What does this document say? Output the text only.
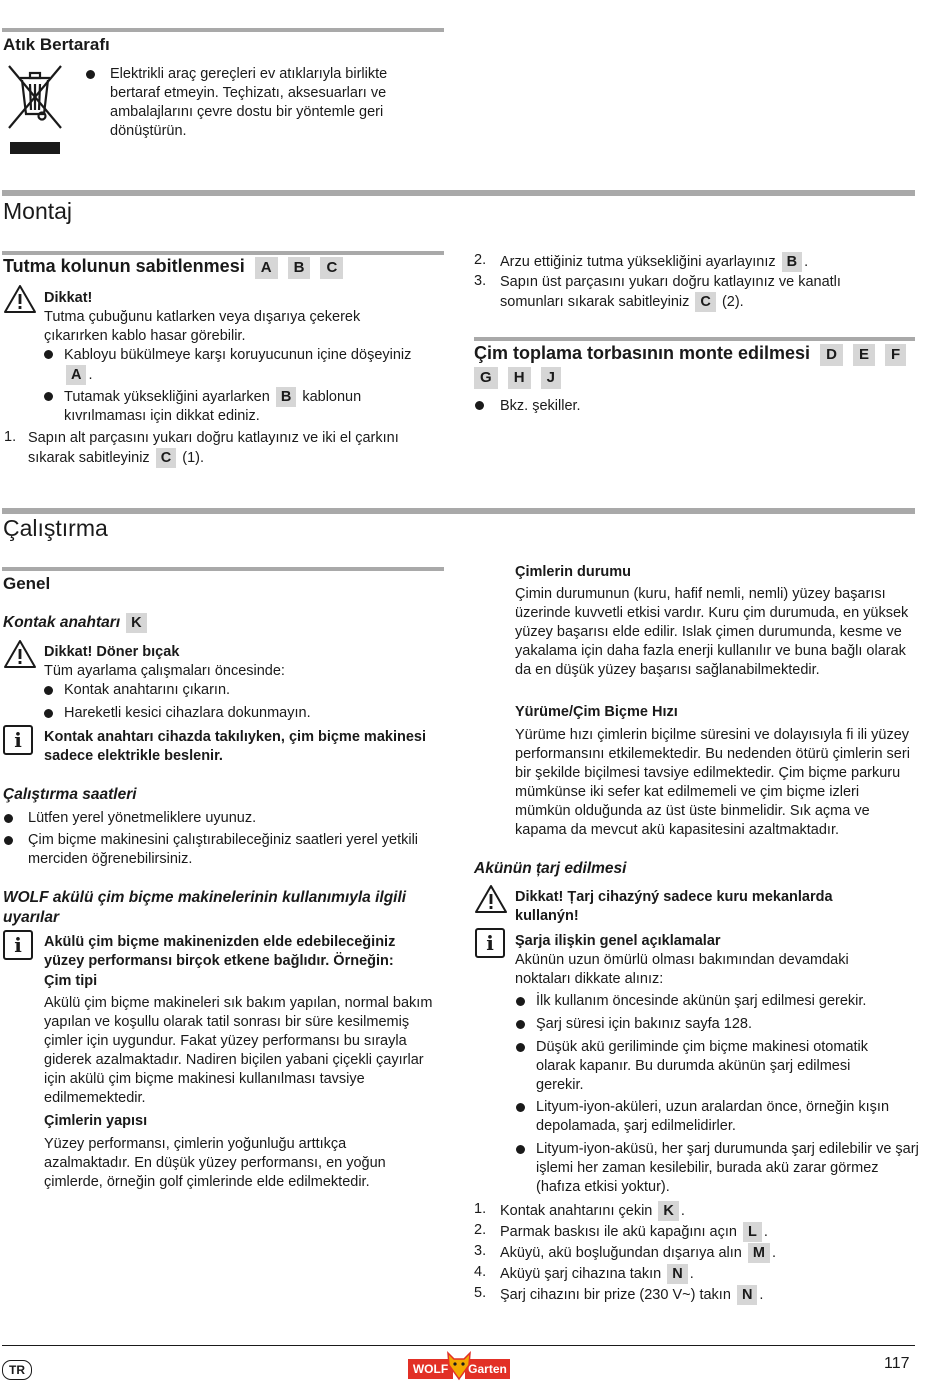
Atık Bertarafı
Elektrikli araç gereçleri ev atıklarıyla birlikte bertaraf etmeyin. Teçhizatı, aksesuarları ve ambalajlarını çevre dostu bir yöntemle geri dönüştürün.
Montaj
Tutma kolunun sabitlenmesi A B C
Dikkat!
Tutma çubuğunu katlarken veya dışarıya çekerek çıkarırken kablo hasar görebilir.
Kabloyu bükülmeye karşı koruyucunun içine döşeyiniz
A .
Tutamak yüksekliğini ayarlarken B kablonun
kıvrılmaması için dikkat ediniz.
1. Sapın alt parçasını yukarı doğru katlayınız ve iki el çarkını
sıkarak sabitleyiniz C (1).
2. Arzu ettiğiniz tutma yüksekliğini ayarlayınız B .
3. Sapın üst parçasını yukarı doğru katlayınız ve kanatlı
somunları sıkarak sabitleyiniz C (2).
Çim toplama torbasının monte edilmesi D E F
G H J
Bkz. şekiller.
Çalıştırma
Genel
Kontak anahtarı K
Dikkat! Döner bıçak
Tüm ayarlama çalışmaları öncesinde:
Kontak anahtarını çıkarın.
Hareketli kesici cihazlara dokunmayın.
i	Kontak anahtarı cihazda takılıyken, çim biçme makinesi sadece elektrikle beslenir.
Çalıştırma saatleri
Lütfen yerel yönetmeliklere uyunuz.
Çim biçme makinesini çalıştırabileceğiniz saatleri yerel yetkili merciden öğrenebilirsiniz.
WOLF akülü çim biçme makinelerinin kullanımıyla ilgili uyarılar
i	Akülü çim biçme makinenizden elde edebileceğiniz yüzey performansı birçok etkene bağlıdır. Örneğin:
Çim tipi
Akülü çim biçme makineleri sık bakım yapılan, normal bakım yapılan ve koşullu olarak tatil sonrası bir süre kesilmemiş çimler için uygundur. Fakat yüzey performansı bu sırayla giderek azalmaktadır. Nadiren biçilen yabani çiçekli çayırlar için akülü çim biçme makinesi kullanılması tavsiye edilmemektedir.
Çimlerin yapısı
Yüzey performansı, çimlerin yoğunluğu arttıkça azalmaktadır. En düşük yüzey performansı, en yoğun çimlerde, örneğin golf çimlerinde elde edilmektedir.
Çimlerin durumu
Çimin durumunun (kuru, hafif nemli, nemli) yüzey başarısı üzerinde kuvvetli etkisi vardır. Kuru çim durumuda, en yüksek yüzey başarısı elde edilir. Islak çimen durumunda, kesme ve yakalama için daha fazla enerji kullanılır ve buna bağlı olarak da en düşük yüzey başarısı sağlanabilmektedir.
Yürüme/Çim Biçme Hızı
Yürüme hızı çimlerin biçilme süresini ve dolayısıyla fi ili yüzey performansını etkilemektedir. Bu nedenden ötürü çimlerin seri bir şekilde biçilmesi tavsiye edilmektedir. Çim biçme parkuru mümkünse iki sefer kat edilmemeli ve çim biçme izleri mümkün olduğunda az üst üste binmelidir. Sık açma ve kapama da mevcut akü kapasitesini azaltmaktadır.
Akünün țarj edilmesi
Dikkat! Țarj cihazýný sadece kuru mekanlarda kullanýn!
i	Şarja ilişkin genel açıklamalar
Akünün uzun ömürlü olması bakımından devamdaki noktaları dikkate alınız:
İlk kullanım öncesinde akünün şarj edilmesi gerekir.
Şarj süresi için bakınız sayfa 128.
Düşük akü geriliminde çim biçme makinesi otomatik olarak kapanır. Bu durumda akünün şarj edilmesi gerekir.
Lityum-iyon-aküleri, uzun aralardan önce, örneğin kışın depolamada, şarj edilmelidirler.
Lityum-iyon-aküsü, her şarj durumunda şarj edilebilir ve şarj işlemi her zaman kesilebilir, burada akü zarar görmez (hafıza etkisi yoktur).
1. Kontak anahtarını çekin K .
2. Parmak baskısı ile akü kapağını açın L .
3. Aküyü, akü boşluğundan dışarıya alın M .
4. Aküyü şarj cihazına takın N .
5. Şarj cihazını bir prize (230 V~) takın N .
TR	WOLF	Garten	117
